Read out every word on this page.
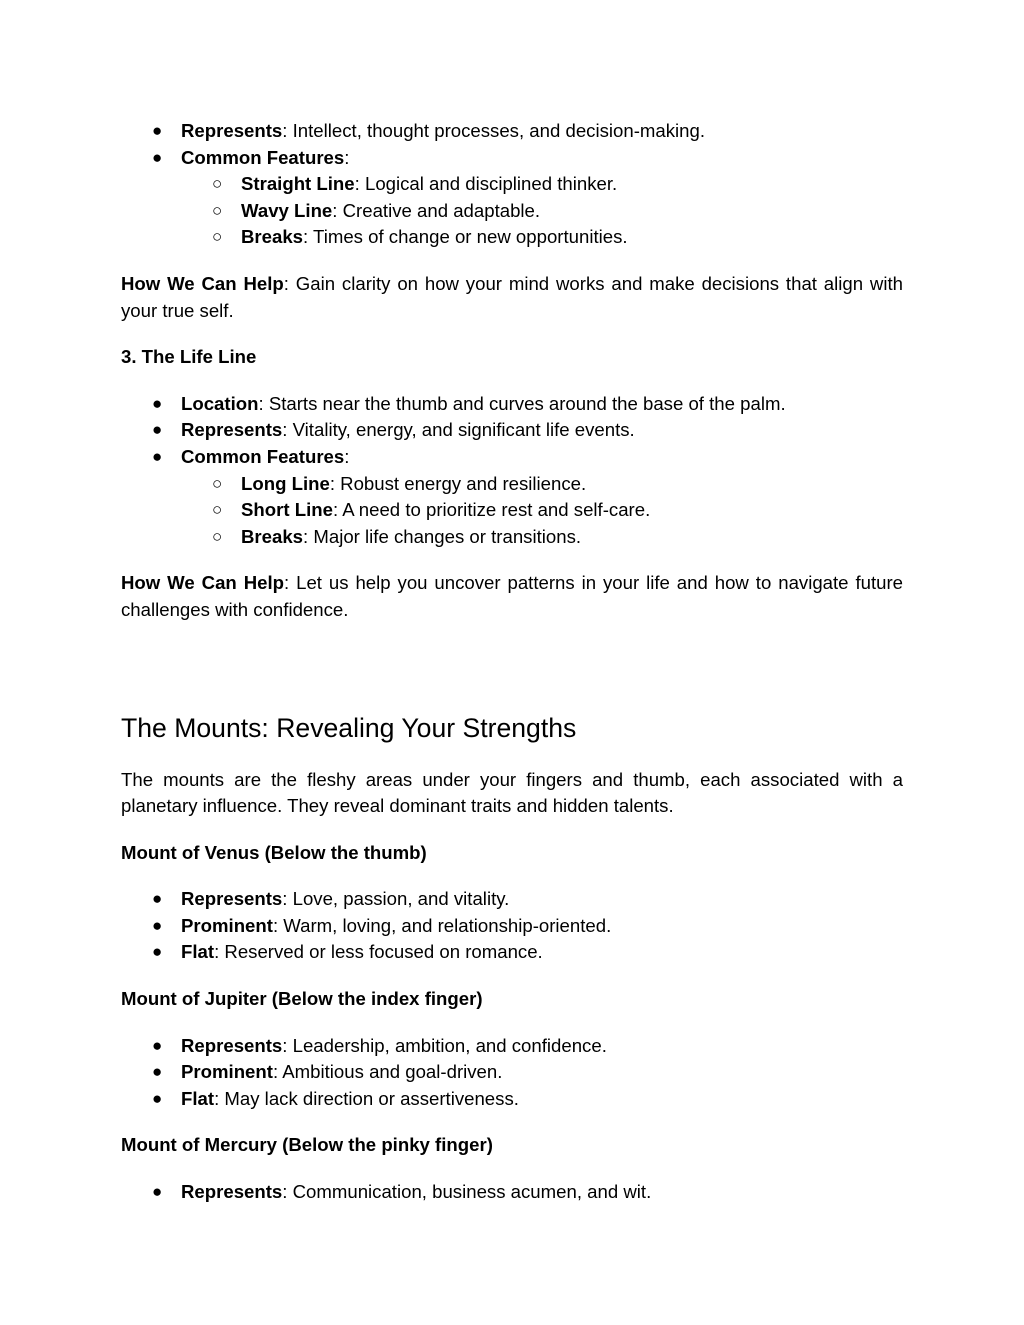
●	Represents: Intellect, thought processes, and decision-making.
●	Common Features:
○	Straight Line: Logical and disciplined thinker.
○	Wavy Line: Creative and adaptable.
○	Breaks: Times of change or new opportunities.

How We Can Help: Gain clarity on how your mind works and make decisions that align with your true self.

3. The Life Line
●	Location: Starts near the thumb and curves around the base of the palm.
●	Represents: Vitality, energy, and significant life events.
●	Common Features:
○	Long Line: Robust energy and resilience.
○	Short Line: A need to prioritize rest and self-care.
○	Breaks: Major life changes or transitions.

How We Can Help: Let us help you uncover patterns in your life and how to navigate future challenges with confidence.

The Mounts: Revealing Your Strengths

The mounts are the fleshy areas under your fingers and thumb, each associated with a planetary influence. They reveal dominant traits and hidden talents.

Mount of Venus (Below the thumb)
●	Represents: Love, passion, and vitality.
●	Prominent: Warm, loving, and relationship-oriented.
●	Flat: Reserved or less focused on romance.
Mount of Jupiter (Below the index finger)
●	Represents: Leadership, ambition, and confidence.
●	Prominent: Ambitious and goal-driven.
●	Flat: May lack direction or assertiveness.
Mount of Mercury (Below the pinky finger)
●	Represents: Communication, business acumen, and wit.
